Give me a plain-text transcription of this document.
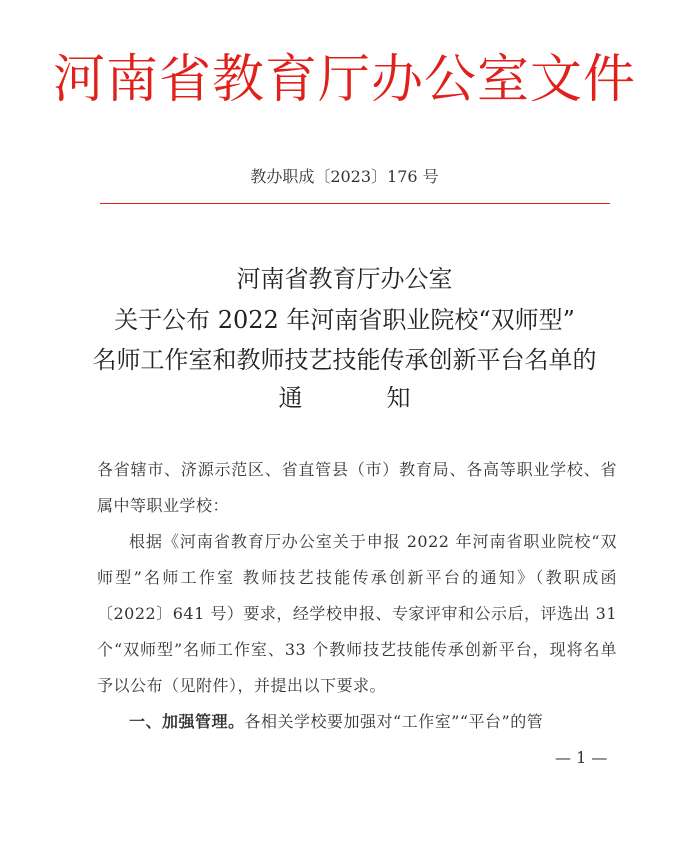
河南省教育厅办公室文件
教办职成〔2023〕176 号
河南省教育厅办公室
关于公布 2022 年河南省职业院校“双师型”
名师工作室和教师技艺技能传承创新平台名单的
通	知

各省辖市、济源示范区、省直管县（市）教育局、各高等职业学校、省属中等职业学校：

根据《河南省教育厅办公室关于申报 2022 年河南省职业院校“双师型”名师工作室 教师技艺技能传承创新平台的通知》（教职成函〔2022〕641 号）要求，经学校申报、专家评审和公示后，评选出 31 个“双师型”名师工作室、33 个教师技艺技能传承创新平台，现将名单予以公布（见附件），并提出以下要求。

一、加强管理。各相关学校要加强对“工作室”“平台”的管

— 1 —
